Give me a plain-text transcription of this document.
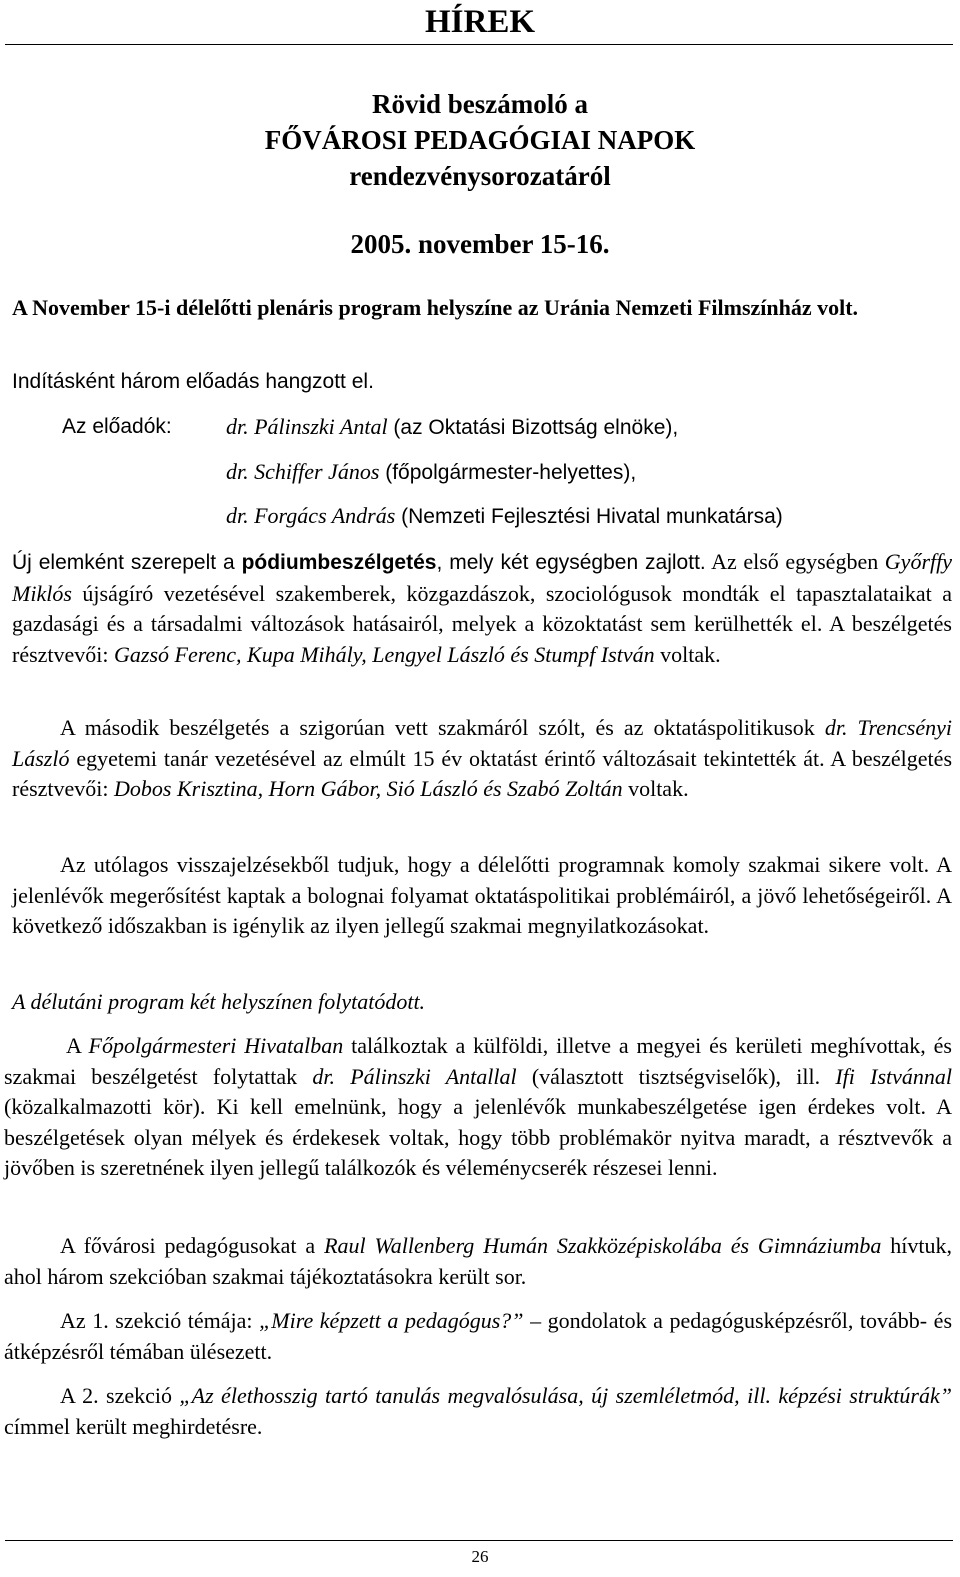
HÍREK
Rövid beszámoló a
FŐVÁROSI PEDAGÓGIAI NAPOK
rendezvénysorozatáról
2005. november 15-16.

A November 15-i délelőtti plenáris program helyszíne az Uránia Nemzeti Filmszínház volt.

Indításként három előadás hangzott el.

Az előadók: dr. Pálinszki Antal (az Oktatási Bizottság elnöke),
dr. Schiffer János (főpolgármester-helyettes),
dr. Forgács András (Nemzeti Fejlesztési Hivatal munkatársa)

Új elemként szerepelt a pódiumbeszélgetés, mely két egységben zajlott. Az első egységben Győrffy Miklós újságíró vezetésével szakemberek, közgazdászok, szociológusok mondták el tapasztalataikat a gazdasági és a társadalmi változások hatásairól, melyek a közoktatást sem kerülhették el. A beszélgetés résztvevői: Gazsó Ferenc, Kupa Mihály, Lengyel László és Stumpf István voltak.

A második beszélgetés a szigorúan vett szakmáról szólt, és az oktatáspolitikusok dr. Trencsényi László egyetemi tanár vezetésével az elmúlt 15 év oktatást érintő változásait tekintették át. A beszélgetés résztvevői: Dobos Krisztina, Horn Gábor, Sió László és Szabó Zoltán voltak.

Az utólagos visszajelzésekből tudjuk, hogy a délelőtti programnak komoly szakmai sikere volt. A jelenlévők megerősítést kaptak a bolognai folyamat oktatáspolitikai problémáiról, a jövő lehetőségeiről. A következő időszakban is igénylik az ilyen jellegű szakmai megnyilatkozásokat.

A délutáni program két helyszínen folytatódott.

A Főpolgármesteri Hivatalban találkoztak a külföldi, illetve a megyei és kerületi meghívottak, és szakmai beszélgetést folytattak dr. Pálinszki Antallal (választott tisztségviselők), ill. Ifi Istvánnal (közalkalmazotti kör). Ki kell emelnünk, hogy a jelenlévők munkabeszélgetése igen érdekes volt. A beszélgetések olyan mélyek és érdekesek voltak, hogy több problémakör nyitva maradt, a résztvevők a jövőben is szeretnének ilyen jellegű találkozók és véleménycserék részesei lenni.

A fővárosi pedagógusokat a Raul Wallenberg Humán Szakközépiskolába és Gimnáziumba hívtuk, ahol három szekcióban szakmai tájékoztatásokra került sor.

Az 1. szekció témája: „Mire képzett a pedagógus?” – gondolatok a pedagógusképzésről, tovább- és átképzésről témában ülésezett.

A 2. szekció „Az élethosszig tartó tanulás megvalósulása, új szemléletmód, ill. képzési struktúrák” címmel került meghirdetésre.

26
